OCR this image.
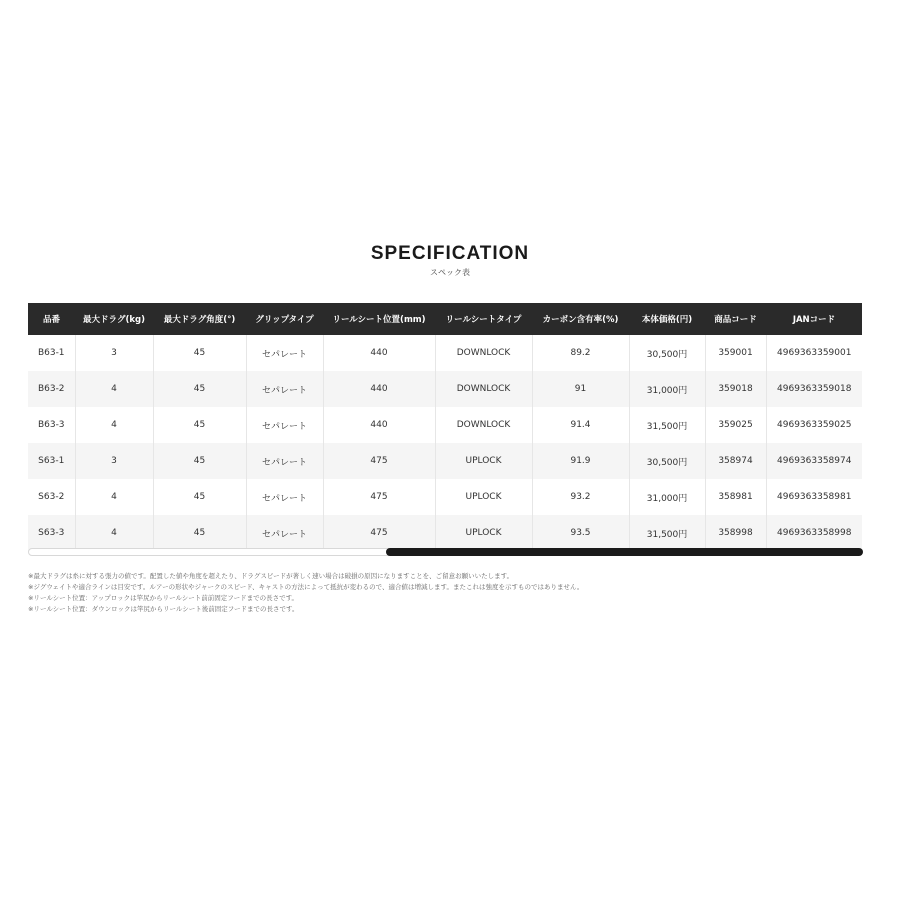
SPECIFICATION
スペック表
品番	最大ドラグ(kg)	最大ドラグ角度(°)	グリップタイプ	リールシート位置(mm)	リールシートタイプ	カーボン含有率(%)	本体価格(円)	商品コード	JANコード
B63-1	3	45	セパレート	440	DOWNLOCK	89.2	30,500円	359001	4969363359001
B63-2	4	45	セパレート	440	DOWNLOCK	91	31,000円	359018	4969363359018
B63-3	4	45	セパレート	440	DOWNLOCK	91.4	31,500円	359025	4969363359025
S63-1	3	45	セパレート	475	UPLOCK	91.9	30,500円	358974	4969363358974
S63-2	4	45	セパレート	475	UPLOCK	93.2	31,000円	358981	4969363358981
S63-3	4	45	セパレート	475	UPLOCK	93.5	31,500円	358998	4969363358998
※最大ドラグは糸に対する張力の値です。配置した値や角度を超えたり、ドラグスピードが著しく速い場合は破損の原因になりますことを、ご留意お願いいたします。
※ジグウェイトや適合ラインは目安です。ルアーの形状やジャークのスピード、キャストの方法によって抵抗が変わるので、適合値は増減します。またこれは強度を示すものではありません。
※リールシート位置：アップロックは竿尻からリールシート前前固定フードまでの長さです。
※リールシート位置：ダウンロックは竿尻からリールシート後前固定フードまでの長さです。
